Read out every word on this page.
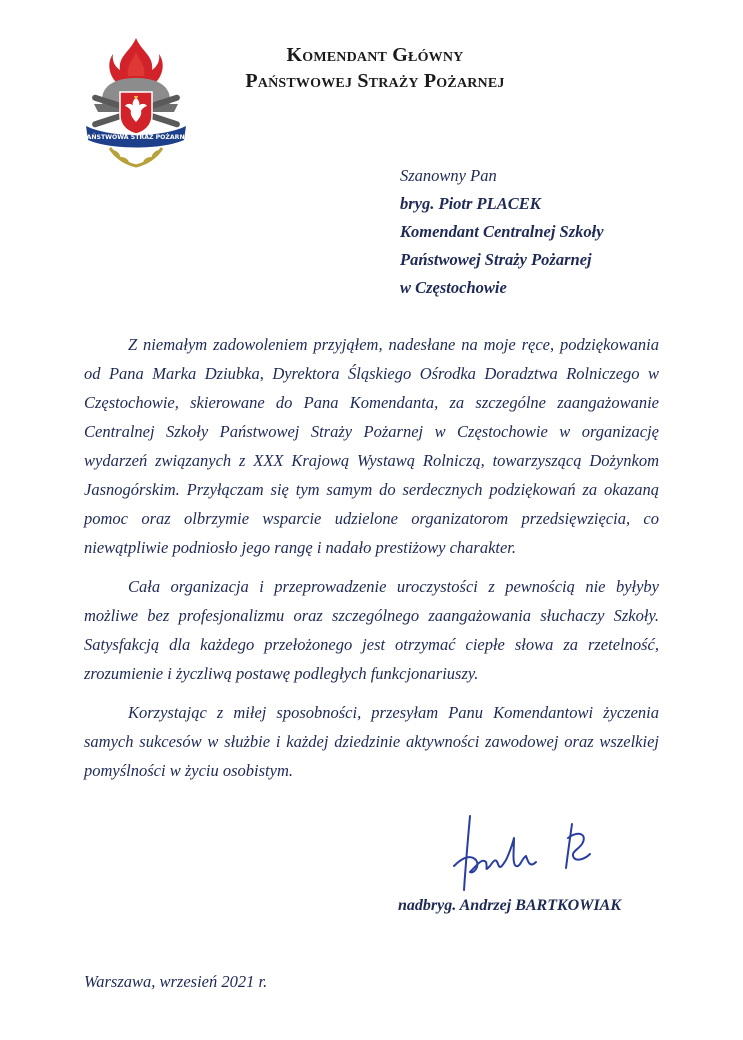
PAŃSTWOWA STRAŻ POŻARNA
Komendant Główny
Państwowej Straży Pożarnej
Szanowny Pan
bryg. Piotr PLACEK
Komendant Centralnej Szkoły
Państwowej Straży Pożarnej
w Częstochowie

Z niemałym zadowoleniem przyjąłem, nadesłane na moje ręce, podziękowania od Pana Marka Dziubka, Dyrektora Śląskiego Ośrodka Doradztwa Rolniczego w Częstochowie, skierowane do Pana Komendanta, za szczególne zaangażowanie Centralnej Szkoły Państwowej Straży Pożarnej w Częstochowie w organizację wydarzeń związanych z XXX Krajową Wystawą Rolniczą, towarzyszącą Dożynkom Jasnogórskim. Przyłączam się tym samym do serdecznych podziękowań za okazaną pomoc oraz olbrzymie wsparcie udzielone organizatorom przedsięwzięcia, co niewątpliwie podniosło jego rangę i nadało prestiżowy charakter.

Cała organizacja i przeprowadzenie uroczystości z pewnością nie byłyby możliwe bez profesjonalizmu oraz szczególnego zaangażowania słuchaczy Szkoły. Satysfakcją dla każdego przełożonego jest otrzymać ciepłe słowa za rzetelność, zrozumienie i życzliwą postawę podległych funkcjonariuszy.

Korzystając z miłej sposobności, przesyłam Panu Komendantowi życzenia samych sukcesów w służbie i każdej dziedzinie aktywności zawodowej oraz wszelkiej pomyślności w życiu osobistym.

nadbryg. Andrzej BARTKOWIAK
Warszawa, wrzesień 2021 r.
